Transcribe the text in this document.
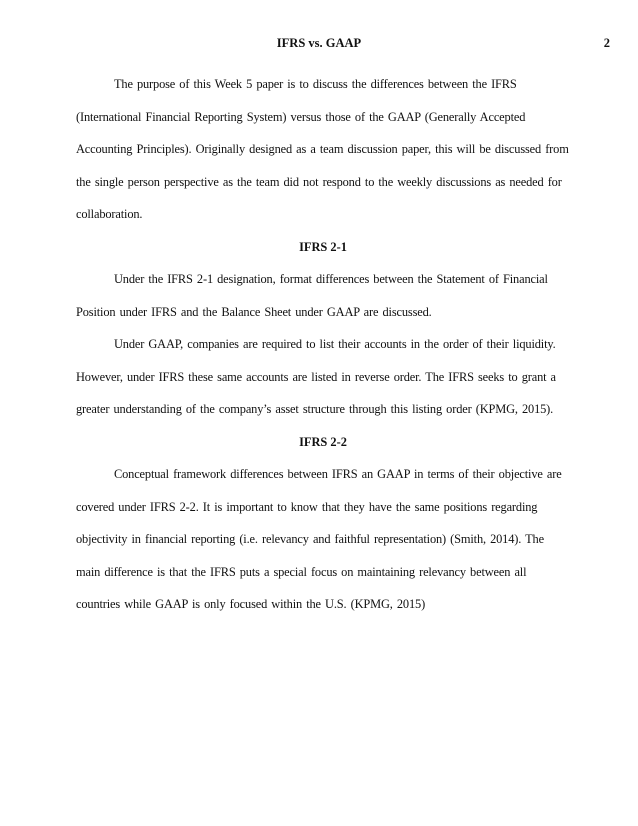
IFRS vs. GAAP	2

The purpose of this Week 5 paper is to discuss the differences between the IFRS (International Financial Reporting System) versus those of the GAAP (Generally Accepted Accounting Principles). Originally designed as a team discussion paper, this will be discussed from the single person perspective as the team did not respond to the weekly discussions as needed for collaboration.

IFRS 2-1

Under the IFRS 2-1 designation, format differences between the Statement of Financial Position under IFRS and the Balance Sheet under GAAP are discussed.

Under GAAP, companies are required to list their accounts in the order of their liquidity. However, under IFRS these same accounts are listed in reverse order. The IFRS seeks to grant a greater understanding of the company’s asset structure through this listing order (KPMG, 2015).

IFRS 2-2

Conceptual framework differences between IFRS an GAAP in terms of their objective are covered under IFRS 2-2. It is important to know that they have the same positions regarding objectivity in financial reporting (i.e. relevancy and faithful representation) (Smith, 2014). The main difference is that the IFRS puts a special focus on maintaining relevancy between all countries while GAAP is only focused within the U.S. (KPMG, 2015)
